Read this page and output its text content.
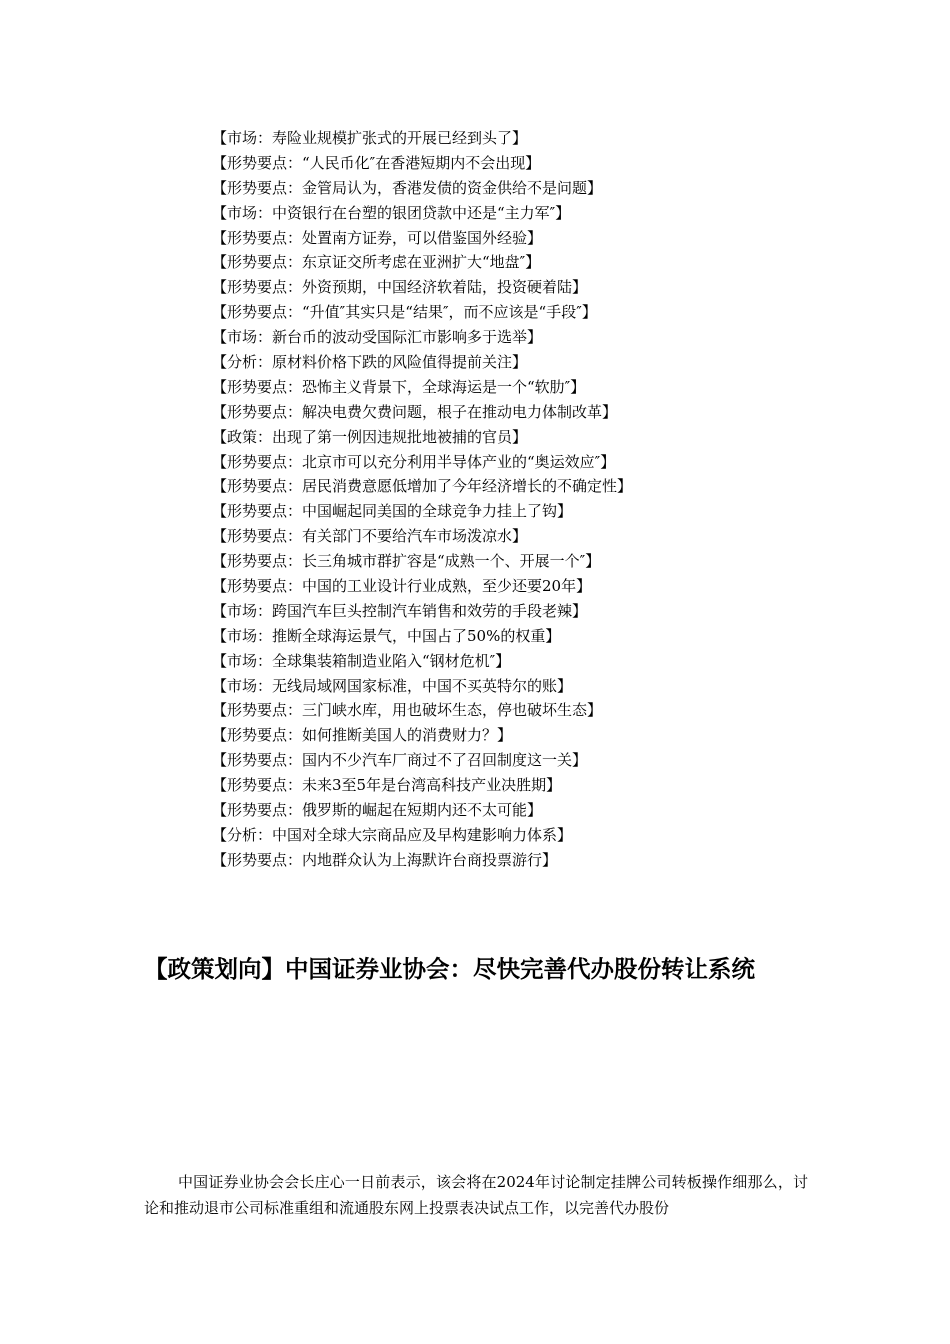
【市场：寿险业规模扩张式的开展已经到头了】
【形势要点：“人民币化″在香港短期内不会出现】
【形势要点：金管局认为，香港发债的资金供给不是问题】
【市场：中资银行在台塑的银团贷款中还是“主力军″】
【形势要点：处置南方证券，可以借鉴国外经验】
【形势要点：东京证交所考虑在亚洲扩大“地盘″】
【形势要点：外资预期，中国经济软着陆，投资硬着陆】
【形势要点：“升值″其实只是“结果″，而不应该是“手段″】
【市场：新台币的波动受国际汇市影响多于选举】
【分析：原材料价格下跌的风险值得提前关注】
【形势要点：恐怖主义背景下，全球海运是一个“软肋″】
【形势要点：解决电费欠费问题，根子在推动电力体制改革】
【政策：出现了第一例因违规批地被捕的官员】
【形势要点：北京市可以充分利用半导体产业的“奥运效应″】
【形势要点：居民消费意愿低增加了今年经济增长的不确定性】
【形势要点：中国崛起同美国的全球竞争力挂上了钩】
【形势要点：有关部门不要给汽车市场泼凉水】
【形势要点：长三角城市群扩容是“成熟一个、开展一个″】
【形势要点：中国的工业设计行业成熟，至少还要20年】
【市场：跨国汽车巨头控制汽车销售和效劳的手段老辣】
【市场：推断全球海运景气，中国占了50%的权重】
【市场：全球集装箱制造业陷入“钢材危机″】
【市场：无线局域网国家标准，中国不买英特尔的账】
【形势要点：三门峡水库，用也破坏生态，停也破坏生态】
【形势要点：如何推断美国人的消费财力？】
【形势要点：国内不少汽车厂商过不了召回制度这一关】
【形势要点：未来3至5年是台湾高科技产业决胜期】
【形势要点：俄罗斯的崛起在短期内还不太可能】
【分析：中国对全球大宗商品应及早构建影响力体系】
【形势要点：内地群众认为上海默许台商投票游行】
【政策划向】中国证券业协会：尽快完善代办股份转让系统

中国证券业协会会长庄心一日前表示，该会将在2024年讨论制定挂牌公司转板操作细那么，讨论和推动退市公司标准重组和流通股东网上投票表决试点工作，以完善代办股份
